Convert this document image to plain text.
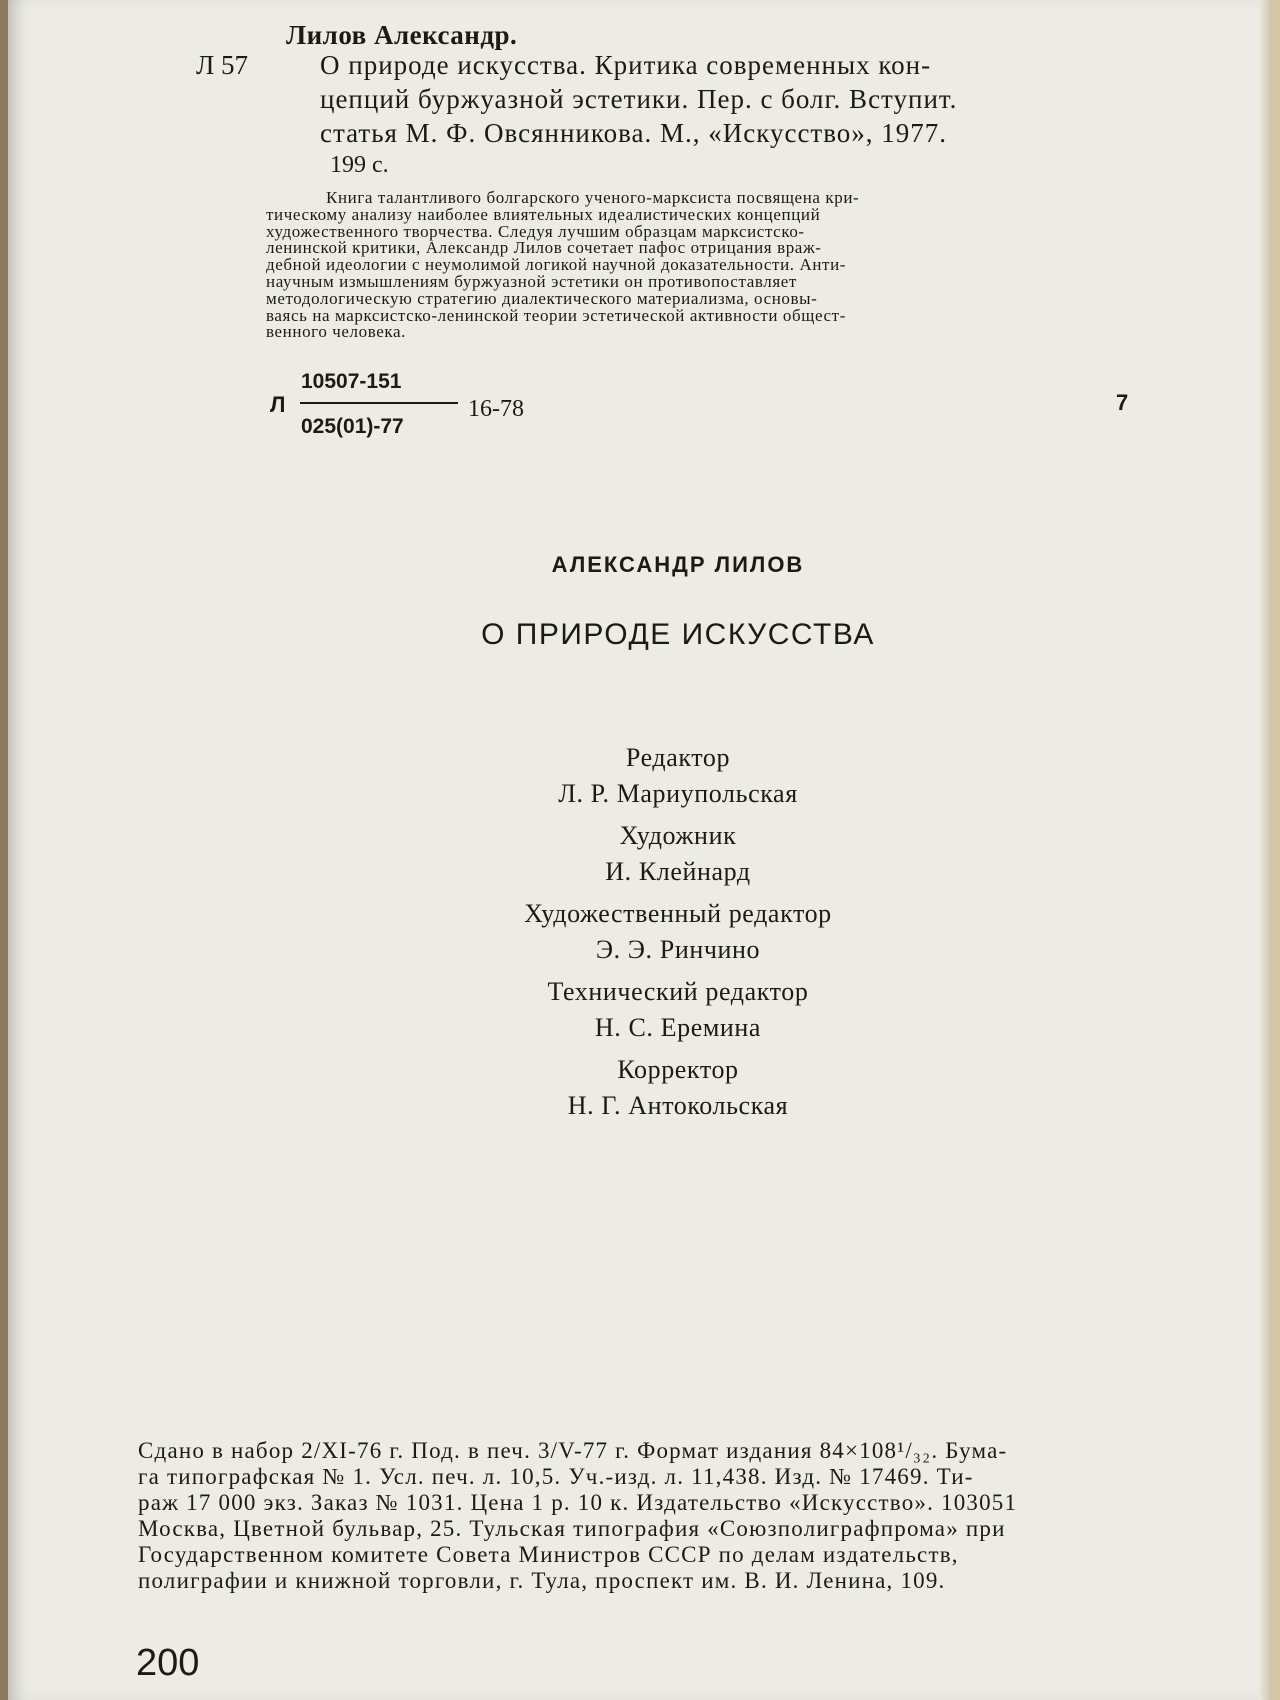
Лилов Александр.
Л 57	О природе искусства. Критика современных кон-
цепций буржуазной эстетики. Пер. с болг. Вступит.
статья М. Ф. Овсянникова. М., «Искусство», 1977.
199 с.
Книга талантливого болгарского ученого-марксиста посвящена кри-
тическому анализу наиболее влиятельных идеалистических концепций
художественного творчества. Следуя лучшим образцам марксистско-
ленинской критики, Александр Лилов сочетает пафос отрицания враж-
дебной идеологии с неумолимой логикой научной доказательности. Анти-
научным измышлениям буржуазной эстетики он противопоставляет
методологическую стратегию диалектического материализма, основы-
ваясь на марксистско-ленинской теории эстетической активности общест-
венного человека.
Л
10507-151
025(01)-77
16-78	7
АЛЕКСАНДР ЛИЛОВ
О ПРИРОДЕ ИСКУССТВА
Редактор
Л. Р. Мариупольская
Художник
И. Клейнард
Художественный редактор
Э. Э. Ринчино
Технический редактор
Н. С. Еремина
Корректор
Н. Г. Антокольская
Сдано в набор 2/XI-76 г. Под. в печ. 3/V-77 г. Формат издания 84×108¹/₃₂. Бума-
га типографская № 1. Усл. печ. л. 10,5. Уч.-изд. л. 11,438. Изд. № 17469. Ти-
раж 17 000 экз. Заказ № 1031. Цена 1 р. 10 к. Издательство «Искусство». 103051
Москва, Цветной бульвар, 25. Тульская типография «Союзполиграфпрома» при
Государственном комитете Совета Министров СССР по делам издательств,
полиграфии и книжной торговли, г. Тула, проспект им. В. И. Ленина, 109.
200
